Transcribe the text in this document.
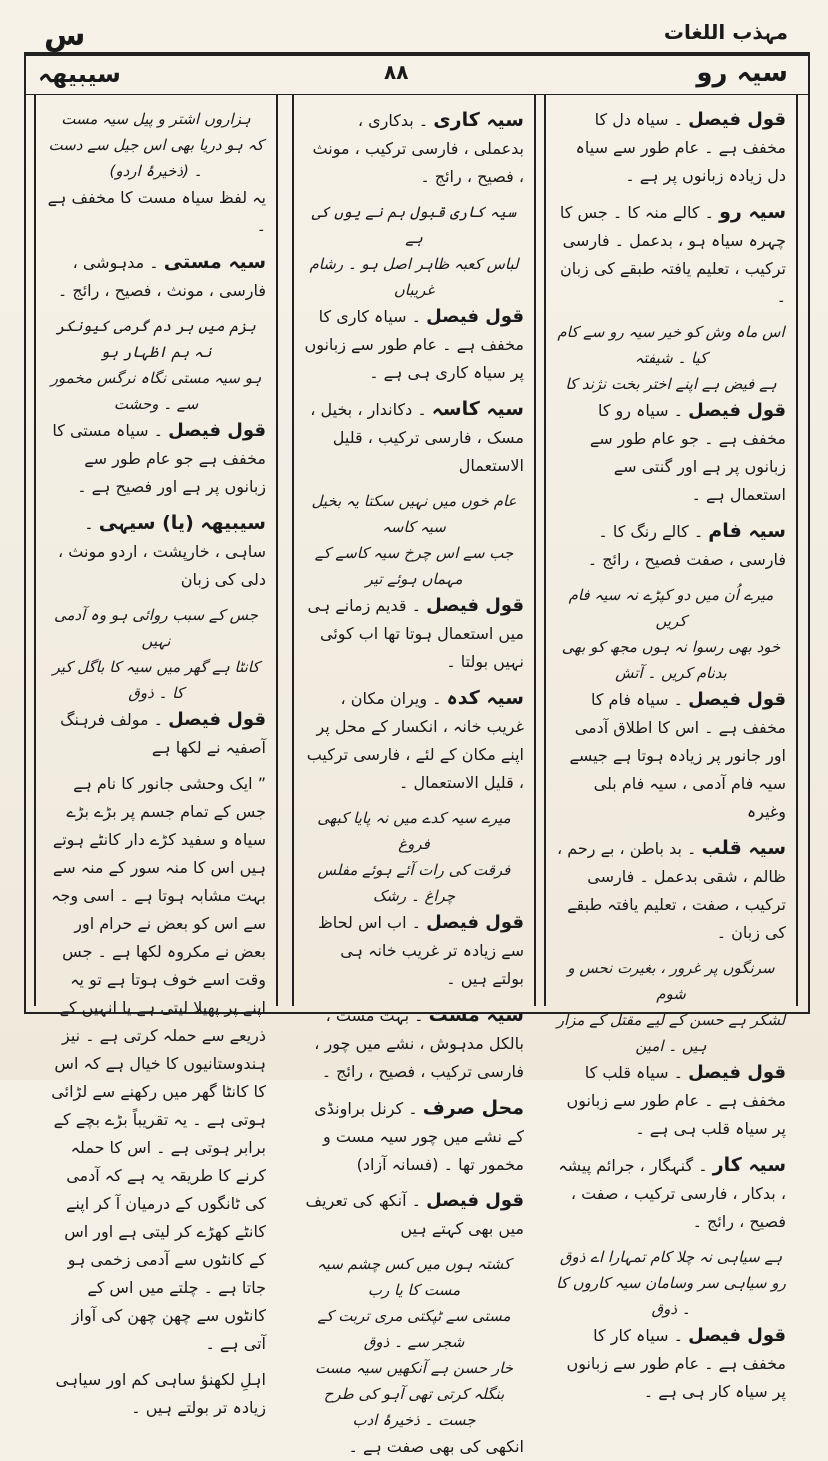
س	مہذب اللغات
سیبیھہ	۸۸	سیہ رو
قول فیصل ۔ سیاہ دل کا مخفف ہے ۔ عام طور سے سیاہ دل زیادہ زبانوں پر ہے ۔
سیہ رو ۔ کالے منہ کا ۔ جس کا چہرہ سیاہ ہو ، بدعمل ۔ فارسی ترکیب ، تعلیم یافتہ طبقے کی زبان ۔
اس ماہ وش کو خیر سیہ رو سے کام کیا ۔ شیفتہ
ہے فیض ہے اپنے اختر بخت نژند کا
قول فیصل ۔ سیاہ رو کا مخفف ہے ۔ جو عام طور سے زبانوں پر ہے اور گنتی سے استعمال ہے ۔
سیہ فام ۔ کالے رنگ کا ۔ فارسی ، صفت فصیح ، رائج ۔
میرے اُن میں دو کپڑے نہ سیہ فام کریں
خود بھی رسوا نہ ہوں مجھ کو بھی بدنام کریں ۔ آتش
قول فیصل ۔ سیاہ فام کا مخفف ہے ۔ اس کا اطلاق آدمی اور جانور پر زیادہ ہوتا ہے جیسے سیہ فام آدمی ، سیہ فام بلی وغیرہ
سیہ قلب ۔ بد باطن ، بے رحم ، ظالم ، شقی بدعمل ۔ فارسی ترکیب ، صفت ، تعلیم یافتہ طبقے کی زبان ۔
سرنگوں پر غرور ، بغیرت نحس و شوم
لشکر ہے حسن کے لیے مقتل کے مزار ہیں ۔ امین
قول فیصل ۔ سیاہ قلب کا مخفف ہے ۔ عام طور سے زبانوں پر سیاہ قلب ہی ہے ۔
سیہ کار ۔ گنہگار ، جرائم پیشہ ، بدکار ، فارسی ترکیب ، صفت ، فصیح ، رائج ۔
ہے سیاہی نہ چلا کام تمہارا اے ذوق
رو سیاہی سر وسامان سیہ کاروں کا ۔ ذوق
قول فیصل ۔ سیاہ کار کا مخفف ہے ۔ عام طور سے زبانوں پر سیاہ کار ہی ہے ۔
سیہ کاری ۔ بدکاری ، بدعملی ، فارسی ترکیب ، مونث ، فصیح ، رائج ۔
سیہ کاری قبول ہم نے یوں کی ہے
لباس کعبہ ظاہر اصل ہو ۔ رشام غریباں
قول فیصل ۔ سیاہ کاری کا مخفف ہے ۔ عام طور سے زبانوں پر سیاہ کاری ہی ہے ۔
سیہ کاسہ ۔ دکاندار ، بخیل ، مسک ، فارسی ترکیب ، قلیل الاستعمال
عام خوں میں نہیں سکتا یہ بخیل سیہ کاسہ
جب سے اس چرخ سیہ کاسے کے مہماں ہوئے تیر
قول فیصل ۔ قدیم زمانے ہی میں استعمال ہوتا تھا اب کوئی نہیں بولتا ۔
سیہ کدہ ۔ ویران مکان ، غریب خانہ ، انکسار کے محل پر اپنے مکان کے لئے ، فارسی ترکیب ، قلیل الاستعمال ۔
میرے سیہ کدے میں نہ پایا کبھی فروغ
فرقت کی رات آئے ہوئے مفلس چراغ ۔ رشک
قول فیصل ۔ اب اس لحاظ سے زیادہ تر غریب خانہ ہی بولتے ہیں ۔
سیہ مست ۔ بہت مست ، بالکل مدہوش ، نشے میں چور ، فارسی ترکیب ، فصیح ، رائج ۔
محل صرف ۔ کرنل براونڈی کے نشے میں چور سیہ مست و مخمور تھا ۔ (فسانہ آزاد)
قول فیصل ۔ آنکھ کی تعریف میں بھی کہتے ہیں
کشتہ ہوں میں کس چشم سیہ مست کا یا رب
مستی سے ٹپکتی مری تربت کے شجر سے ۔ ذوق
خار حسن ہے آنکھیں سیہ مست
بنگلہ کرتی تھی آہو کی طرح جست ۔ ذخیرۂ ادب
انکھی کی بھی صفت ہے ۔
ہزاروں اشتر و پیل سیہ مست
کہ ہو دریا بھی اس جیل سے دست ۔ (ذخیرۂ اردو)
یہ لفظ سیاہ مست کا مخفف ہے ۔
سیہ مستی ۔ مدہوشی ، فارسی ، مونث ، فصیح ، رائج ۔
بزم میں ہر دم گرمی کیونکر نہ ہم اظہار ہو
ہو سیہ مستی نگاہ نرگس مخمور سے ۔ وحشت
قول فیصل ۔ سیاہ مستی کا مخفف ہے جو عام طور سے زبانوں پر ہے اور فصیح ہے ۔
سیبیھہ (یا) سیہی ۔ ساہی ، خارپشت ، اردو مونث ، دلی کی زبان
جس کے سبب روائی ہو وہ آدمی نہیں
کانٹا ہے گھر میں سیہ کا باگل کیر کا ۔ ذوق
قول فیصل ۔ مولف فرہنگ آصفیہ نے لکھا ہے
” ایک وحشی جانور کا نام ہے جس کے تمام جسم پر بڑے بڑے سیاہ و سفید کڑے دار کانٹے ہوتے ہیں اس کا منہ سور کے منہ سے بہت مشابہ ہوتا ہے ۔ اسی وجہ سے اس کو بعض نے حرام اور بعض نے مکروہ لکھا ہے ۔ جس وقت اسے خوف ہوتا ہے تو یہ اپنے پر پھیلا لیتی ہے یا انہیں کے ذریعے سے حملہ کرتی ہے ۔ نیز ہندوستانیوں کا خیال ہے کہ اس کا کانٹا گھر میں رکھنے سے لڑائی ہوتی ہے ۔ یہ تقریباً بڑے بچے کے برابر ہوتی ہے ۔ اس کا حملہ کرنے کا طریقہ یہ ہے کہ آدمی کی ٹانگوں کے درمیان آ کر اپنے کانٹے کھڑے کر لیتی ہے اور اس کے کانٹوں سے آدمی زخمی ہو جاتا ہے ۔ چلتے میں اس کے کانٹوں سے چھن چھن کی آواز آتی ہے ۔
اہلِ لکھنؤ ساہی کم اور سیاہی زیادہ تر بولتے ہیں ۔
